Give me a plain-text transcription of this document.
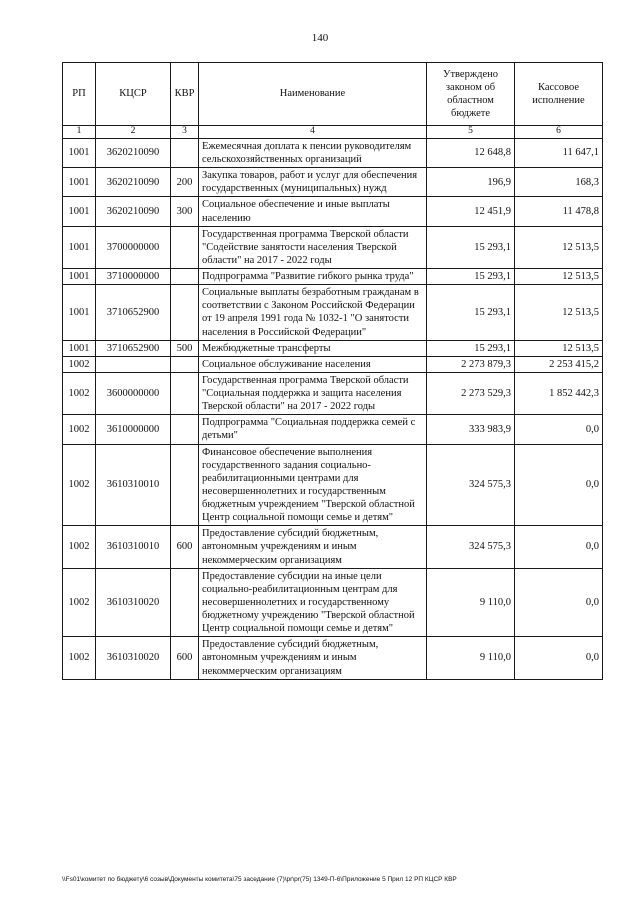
140
РП	КЦСР	КВР	Наименование	Утверждено законом об областном бюджете	Кассовое исполнение
1	2	3	4	5	6
1001	3620210090		Ежемесячная доплата к пенсии руководителям сельскохозяйственных организаций	12 648,8	11 647,1
1001	3620210090	200	Закупка товаров, работ и услуг для обеспечения государственных (муниципальных) нужд	196,9	168,3
1001	3620210090	300	Социальное обеспечение и иные выплаты населению	12 451,9	11 478,8
1001	3700000000		Государственная программа Тверской области "Содействие занятости населения Тверской области" на 2017 - 2022 годы	15 293,1	12 513,5
1001	3710000000		Подпрограмма "Развитие гибкого рынка труда"	15 293,1	12 513,5
1001	3710652900		Социальные выплаты безработным гражданам в соответствии с Законом Российской Федерации от 19 апреля 1991 года № 1032-1 "О занятости населения в Российской Федерации"	15 293,1	12 513,5
1001	3710652900	500	Межбюджетные трансферты	15 293,1	12 513,5
1002			Социальное обслуживание населения	2 273 879,3	2 253 415,2
1002	3600000000		Государственная программа Тверской области "Социальная поддержка и защита населения Тверской области" на 2017 - 2022 годы	2 273 529,3	1 852 442,3
1002	3610000000		Подпрограмма "Социальная поддержка семей с детьми"	333 983,9	0,0
1002	3610310010		Финансовое обеспечение выполнения государственного задания социально-реабилитационными центрами для несовершеннолетних и государственным бюджетным учреждением "Тверской областной Центр социальной помощи семье и детям"	324 575,3	0,0
1002	3610310010	600	Предоставление субсидий бюджетным, автономным учреждениям и иным некоммерческим организациям	324 575,3	0,0
1002	3610310020		Предоставление субсидии на иные цели социально-реабилитационным центрам для несовершеннолетних и государственному бюджетному учреждению "Тверской областной Центр социальной помощи семье и детям"	9 110,0	0,0
1002	3610310020	600	Предоставление субсидий бюджетным, автономным учреждениям и иным некоммерческим организациям	9 110,0	0,0
\\Fs01\комитет по бюджету\6 созыв\Документы комитета\75 заседание (7)\pr\pr(75) 1349-П-6\Приложение 5 Прил 12 РП КЦСР КВР
